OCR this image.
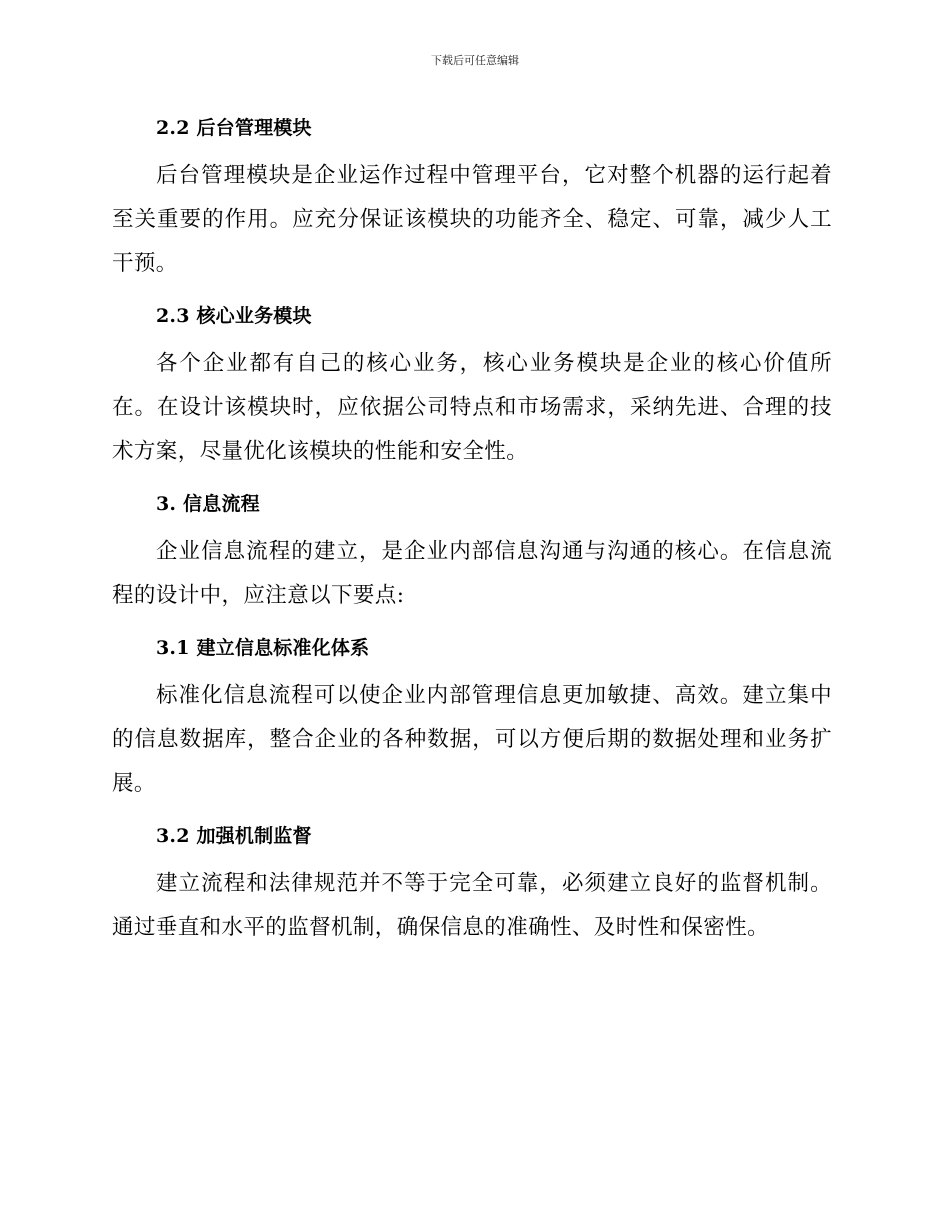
下载后可任意编辑
2.2 后台管理模块

后台管理模块是企业运作过程中管理平台，它对整个机器的运行起着至关重要的作用。应充分保证该模块的功能齐全、稳定、可靠，减少人工干预。

2.3 核心业务模块

各个企业都有自己的核心业务，核心业务模块是企业的核心价值所在。在设计该模块时，应依据公司特点和市场需求，采纳先进、合理的技术方案，尽量优化该模块的性能和安全性。

3. 信息流程

企业信息流程的建立，是企业内部信息沟通与沟通的核心。在信息流程的设计中，应注意以下要点:

3.1 建立信息标准化体系

标准化信息流程可以使企业内部管理信息更加敏捷、高效。建立集中的信息数据库，整合企业的各种数据，可以方便后期的数据处理和业务扩展。

3.2 加强机制监督

建立流程和法律规范并不等于完全可靠，必须建立良好的监督机制。通过垂直和水平的监督机制，确保信息的准确性、及时性和保密性。
